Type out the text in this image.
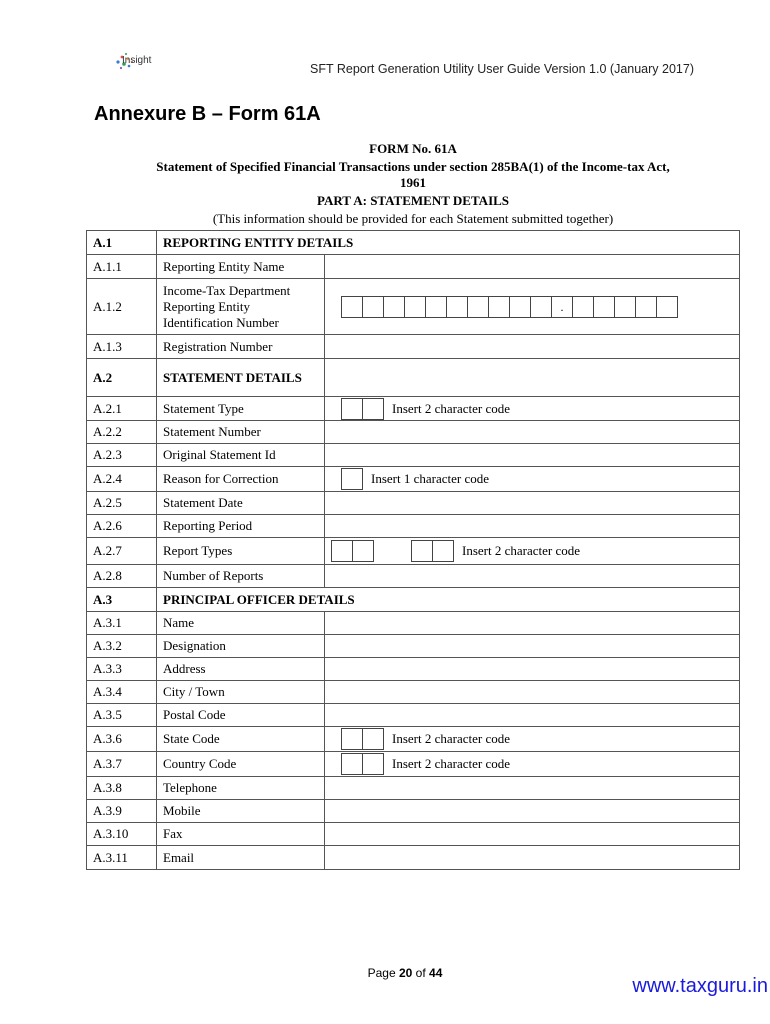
Insight
SFT Report Generation Utility User Guide Version 1.0 (January 2017)
Annexure B – Form 61A
FORM No. 61A
Statement of Specified Financial Transactions under section 285BA(1) of the Income-tax Act,
1961
PART A: STATEMENT DETAILS
(This information should be provided for each Statement submitted together)
A.1	REPORTING ENTITY DETAILS	
A.1.1	Reporting Entity Name	
A.1.2	Income-Tax Department Reporting Entity Identification Number	.

A.1.3	Registration Number	
A.2	STATEMENT DETAILS	
A.2.1	Statement Type	Insert 2 character code

A.2.2	Statement Number	
A.2.3	Original Statement Id	
A.2.4	Reason for Correction	Insert 1 character code

A.2.5	Statement Date	
A.2.6	Reporting Period	
A.2.7	Report Types	Insert 2 character code

A.2.8	Number of Reports	
A.3	PRINCIPAL OFFICER DETAILS	
A.3.1	Name	
A.3.2	Designation	
A.3.3	Address	
A.3.4	City / Town	
A.3.5	Postal Code	
A.3.6	State Code	Insert 2 character code

A.3.7	Country Code	Insert 2 character code

A.3.8	Telephone	
A.3.9	Mobile	
A.3.10	Fax	
A.3.11	Email	
Page 20 of 44
www.taxguru.in
